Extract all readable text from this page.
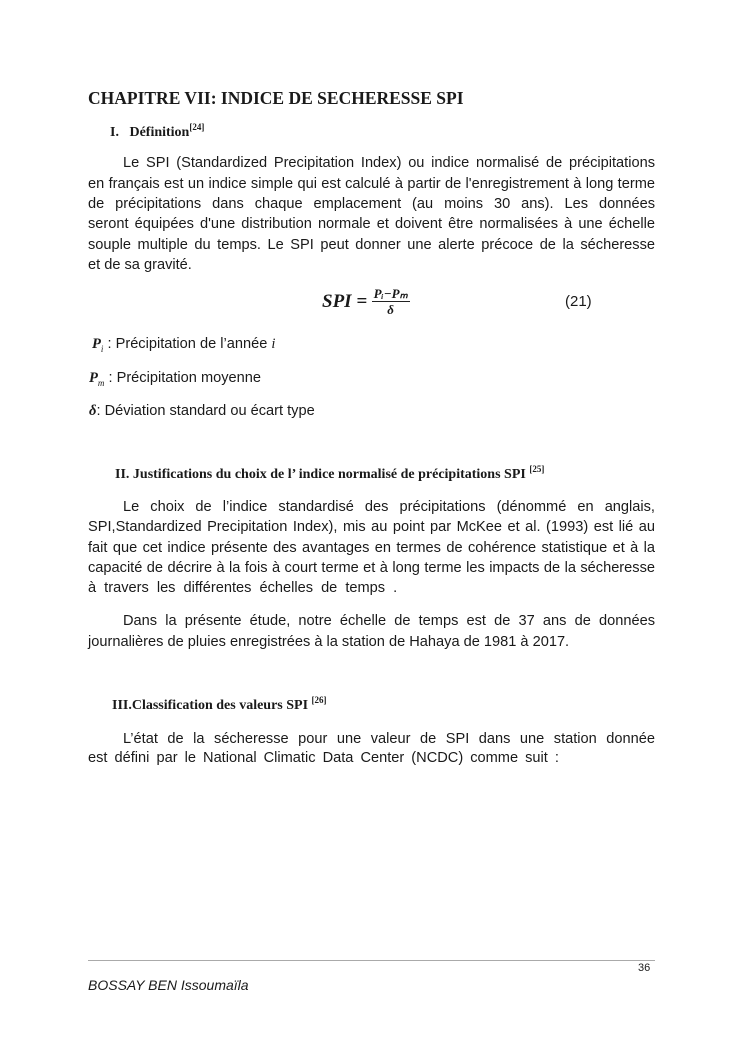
CHAPITRE VII: INDICE DE SECHERESSE SPI
I. Définition[24]
Le SPI (Standardized Precipitation Index) ou indice normalisé de précipitations
en français est un indice simple qui est calculé à partir de l'enregistrement à long terme
de précipitations dans chaque emplacement (au moins 30 ans). Les données
seront équipées d'une distribution normale et doivent être normalisées à une échelle
souple multiple du temps. Le SPI peut donner une alerte précoce de la sécheresse
et de sa gravité.
SPI = $\frac{\text{Pᵢ−Pₘ}}{\delta}$	(21)
$P_i$ : Précipitation de l’année i
$P_m$ : Précipitation moyenne
δ: Déviation standard ou écart type
II. Justifications du choix de l’ indice normalisé de précipitations SPI [25]
Le choix de l’indice standardisé des précipitations (dénommé en anglais,
SPI,Standardized Precipitation Index), mis au point par McKee et al. (1993) est lié au
fait que cet indice présente des avantages en termes de cohérence statistique et à la
capacité de décrire à la fois à court terme et à long terme les impacts de la sécheresse
à travers les différentes échelles de temps .
Dans la présente étude, notre échelle de temps est de 37 ans de données
journalières de pluies enregistrées à la station de Hahaya de 1981 à 2017.
III.Classification des valeurs SPI [26]
L’état de la sécheresse pour une valeur de SPI dans une station donnée
est défini par le National Climatic Data Center (NCDC) comme suit :
36
BOSSAY BEN Issoumaïla
